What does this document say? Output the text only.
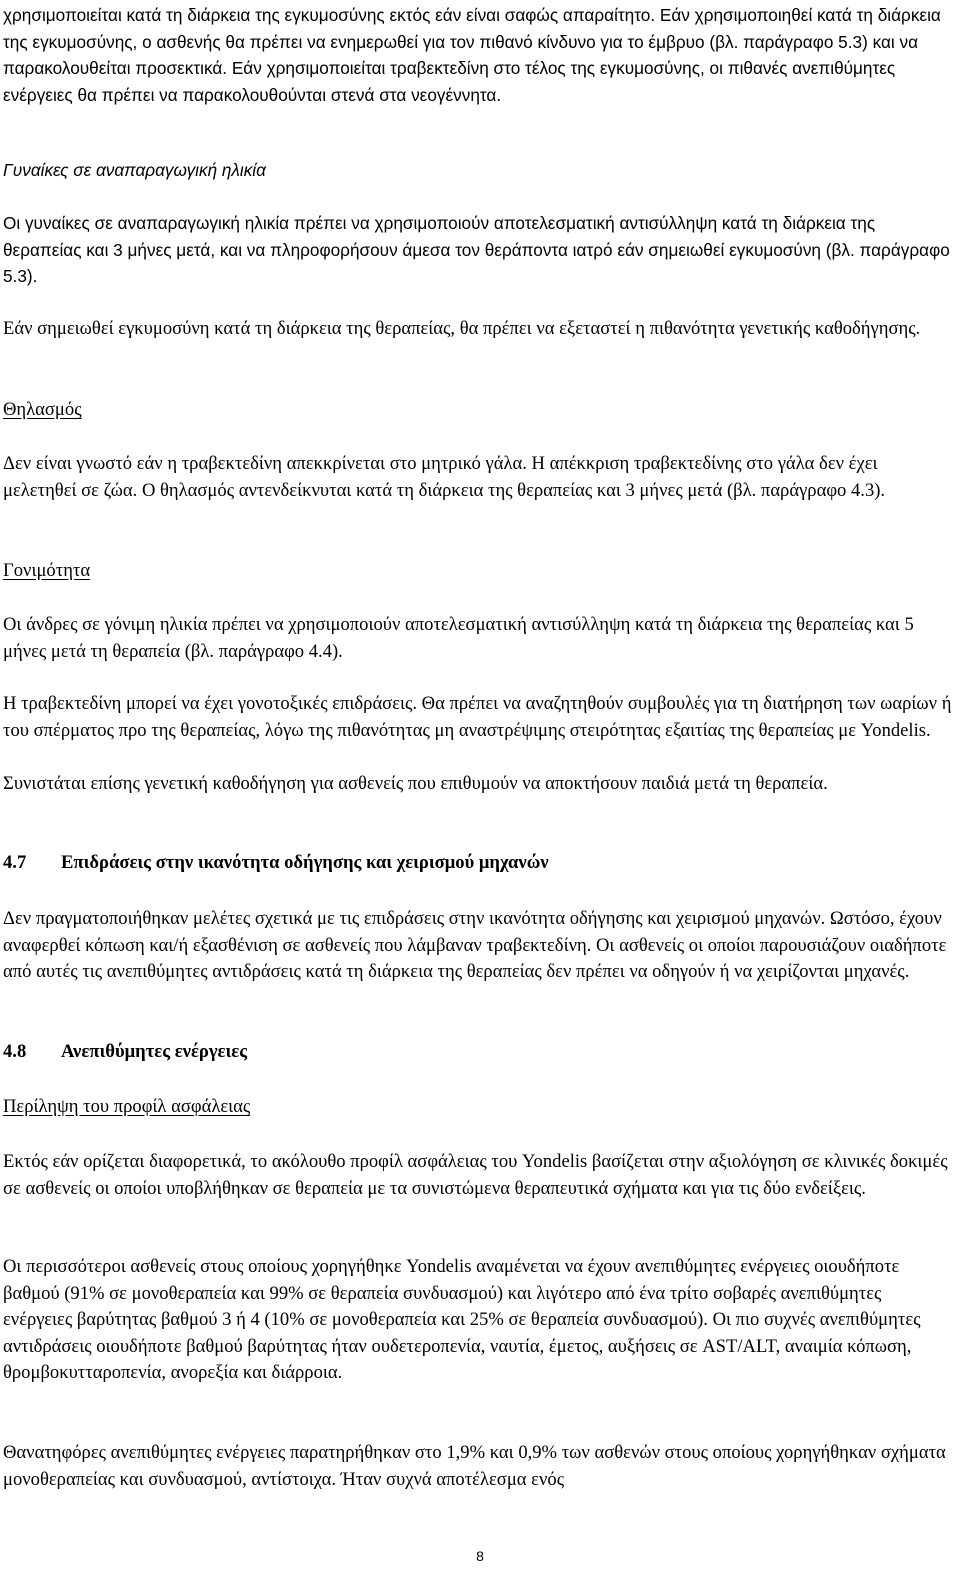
χρησιμοποιείται κατά τη διάρκεια της εγκυμοσύνης εκτός εάν είναι σαφώς απαραίτητο. Εάν χρησιμοποιηθεί κατά τη διάρκεια της εγκυμοσύνης, ο ασθενής θα πρέπει να ενημερωθεί για τον πιθανό κίνδυνο για το έμβρυο (βλ. παράγραφο 5.3) και να παρακολουθείται προσεκτικά. Εάν χρησιμοποιείται τραβεκτεδίνη στο τέλος της εγκυμοσύνης, οι πιθανές ανεπιθύμητες ενέργειες θα πρέπει να παρακολουθούνται στενά στα νεογέννητα.
Γυναίκες σε αναπαραγωγική ηλικία
Οι γυναίκες σε αναπαραγωγική ηλικία πρέπει να χρησιμοποιούν αποτελεσματική αντισύλληψη κατά τη διάρκεια της θεραπείας και 3 μήνες μετά, και να πληροφορήσουν άμεσα τον θεράποντα ιατρό εάν σημειωθεί εγκυμοσύνη (βλ. παράγραφο 5.3).
Εάν σημειωθεί εγκυμοσύνη κατά τη διάρκεια της θεραπείας, θα πρέπει να εξεταστεί η πιθανότητα γενετικής καθοδήγησης.
Θηλασμός
Δεν είναι γνωστό εάν η τραβεκτεδίνη απεκκρίνεται στο μητρικό γάλα. Η απέκκριση τραβεκτεδίνης στο γάλα δεν έχει μελετηθεί σε ζώα. Ο θηλασμός αντενδείκνυται κατά τη διάρκεια της θεραπείας και 3 μήνες μετά (βλ. παράγραφο 4.3).
Γονιμότητα
Οι άνδρες σε γόνιμη ηλικία πρέπει να χρησιμοποιούν αποτελεσματική αντισύλληψη κατά τη διάρκεια της θεραπείας και 5 μήνες μετά τη θεραπεία (βλ. παράγραφο 4.4).
Η τραβεκτεδίνη μπορεί να έχει γονοτοξικές επιδράσεις. Θα πρέπει να αναζητηθούν συμβουλές για τη διατήρηση των ωαρίων ή του σπέρματος προ της θεραπείας, λόγω της πιθανότητας μη αναστρέψιμης στειρότητας εξαιτίας της θεραπείας με Yondelis.
Συνιστάται επίσης γενετική καθοδήγηση για ασθενείς που επιθυμούν να αποκτήσουν παιδιά μετά τη θεραπεία.
4.7 Επιδράσεις στην ικανότητα οδήγησης και χειρισμού μηχανών
Δεν πραγματοποιήθηκαν μελέτες σχετικά με τις επιδράσεις στην ικανότητα οδήγησης και χειρισμού μηχανών. Ωστόσο, έχουν αναφερθεί κόπωση και/ή εξασθένιση σε ασθενείς που λάμβαναν τραβεκτεδίνη. Οι ασθενείς οι οποίοι παρουσιάζουν οιαδήποτε από αυτές τις ανεπιθύμητες αντιδράσεις κατά τη διάρκεια της θεραπείας δεν πρέπει να οδηγούν ή να χειρίζονται μηχανές.
4.8 Ανεπιθύμητες ενέργειες
Περίληψη του προφίλ ασφάλειας
Εκτός εάν ορίζεται διαφορετικά, το ακόλουθο προφίλ ασφάλειας του Yondelis βασίζεται στην αξιολόγηση σε κλινικές δοκιμές σε ασθενείς οι οποίοι υποβλήθηκαν σε θεραπεία με τα συνιστώμενα θεραπευτικά σχήματα και για τις δύο ενδείξεις.
Οι περισσότεροι ασθενείς στους οποίους χορηγήθηκε Yondelis αναμένεται να έχουν ανεπιθύμητες ενέργειες οιουδήποτε βαθμού (91% σε μονοθεραπεία και 99% σε θεραπεία συνδυασμού) και λιγότερο από ένα τρίτο σοβαρές ανεπιθύμητες ενέργειες βαρύτητας βαθμού 3 ή 4 (10% σε μονοθεραπεία και 25% σε θεραπεία συνδυασμού). Οι πιο συχνές ανεπιθύμητες αντιδράσεις οιουδήποτε βαθμού βαρύτητας ήταν ουδετεροπενία, ναυτία, έμετος, αυξήσεις σε AST/ALT, αναιμία κόπωση, θρομβοκυτταροπενία, ανορεξία και διάρροια.
Θανατηφόρες ανεπιθύμητες ενέργειες παρατηρήθηκαν στο 1,9% και 0,9% των ασθενών στους οποίους χορηγήθηκαν σχήματα μονοθεραπείας και συνδυασμού, αντίστοιχα. Ήταν συχνά αποτέλεσμα ενός
8
